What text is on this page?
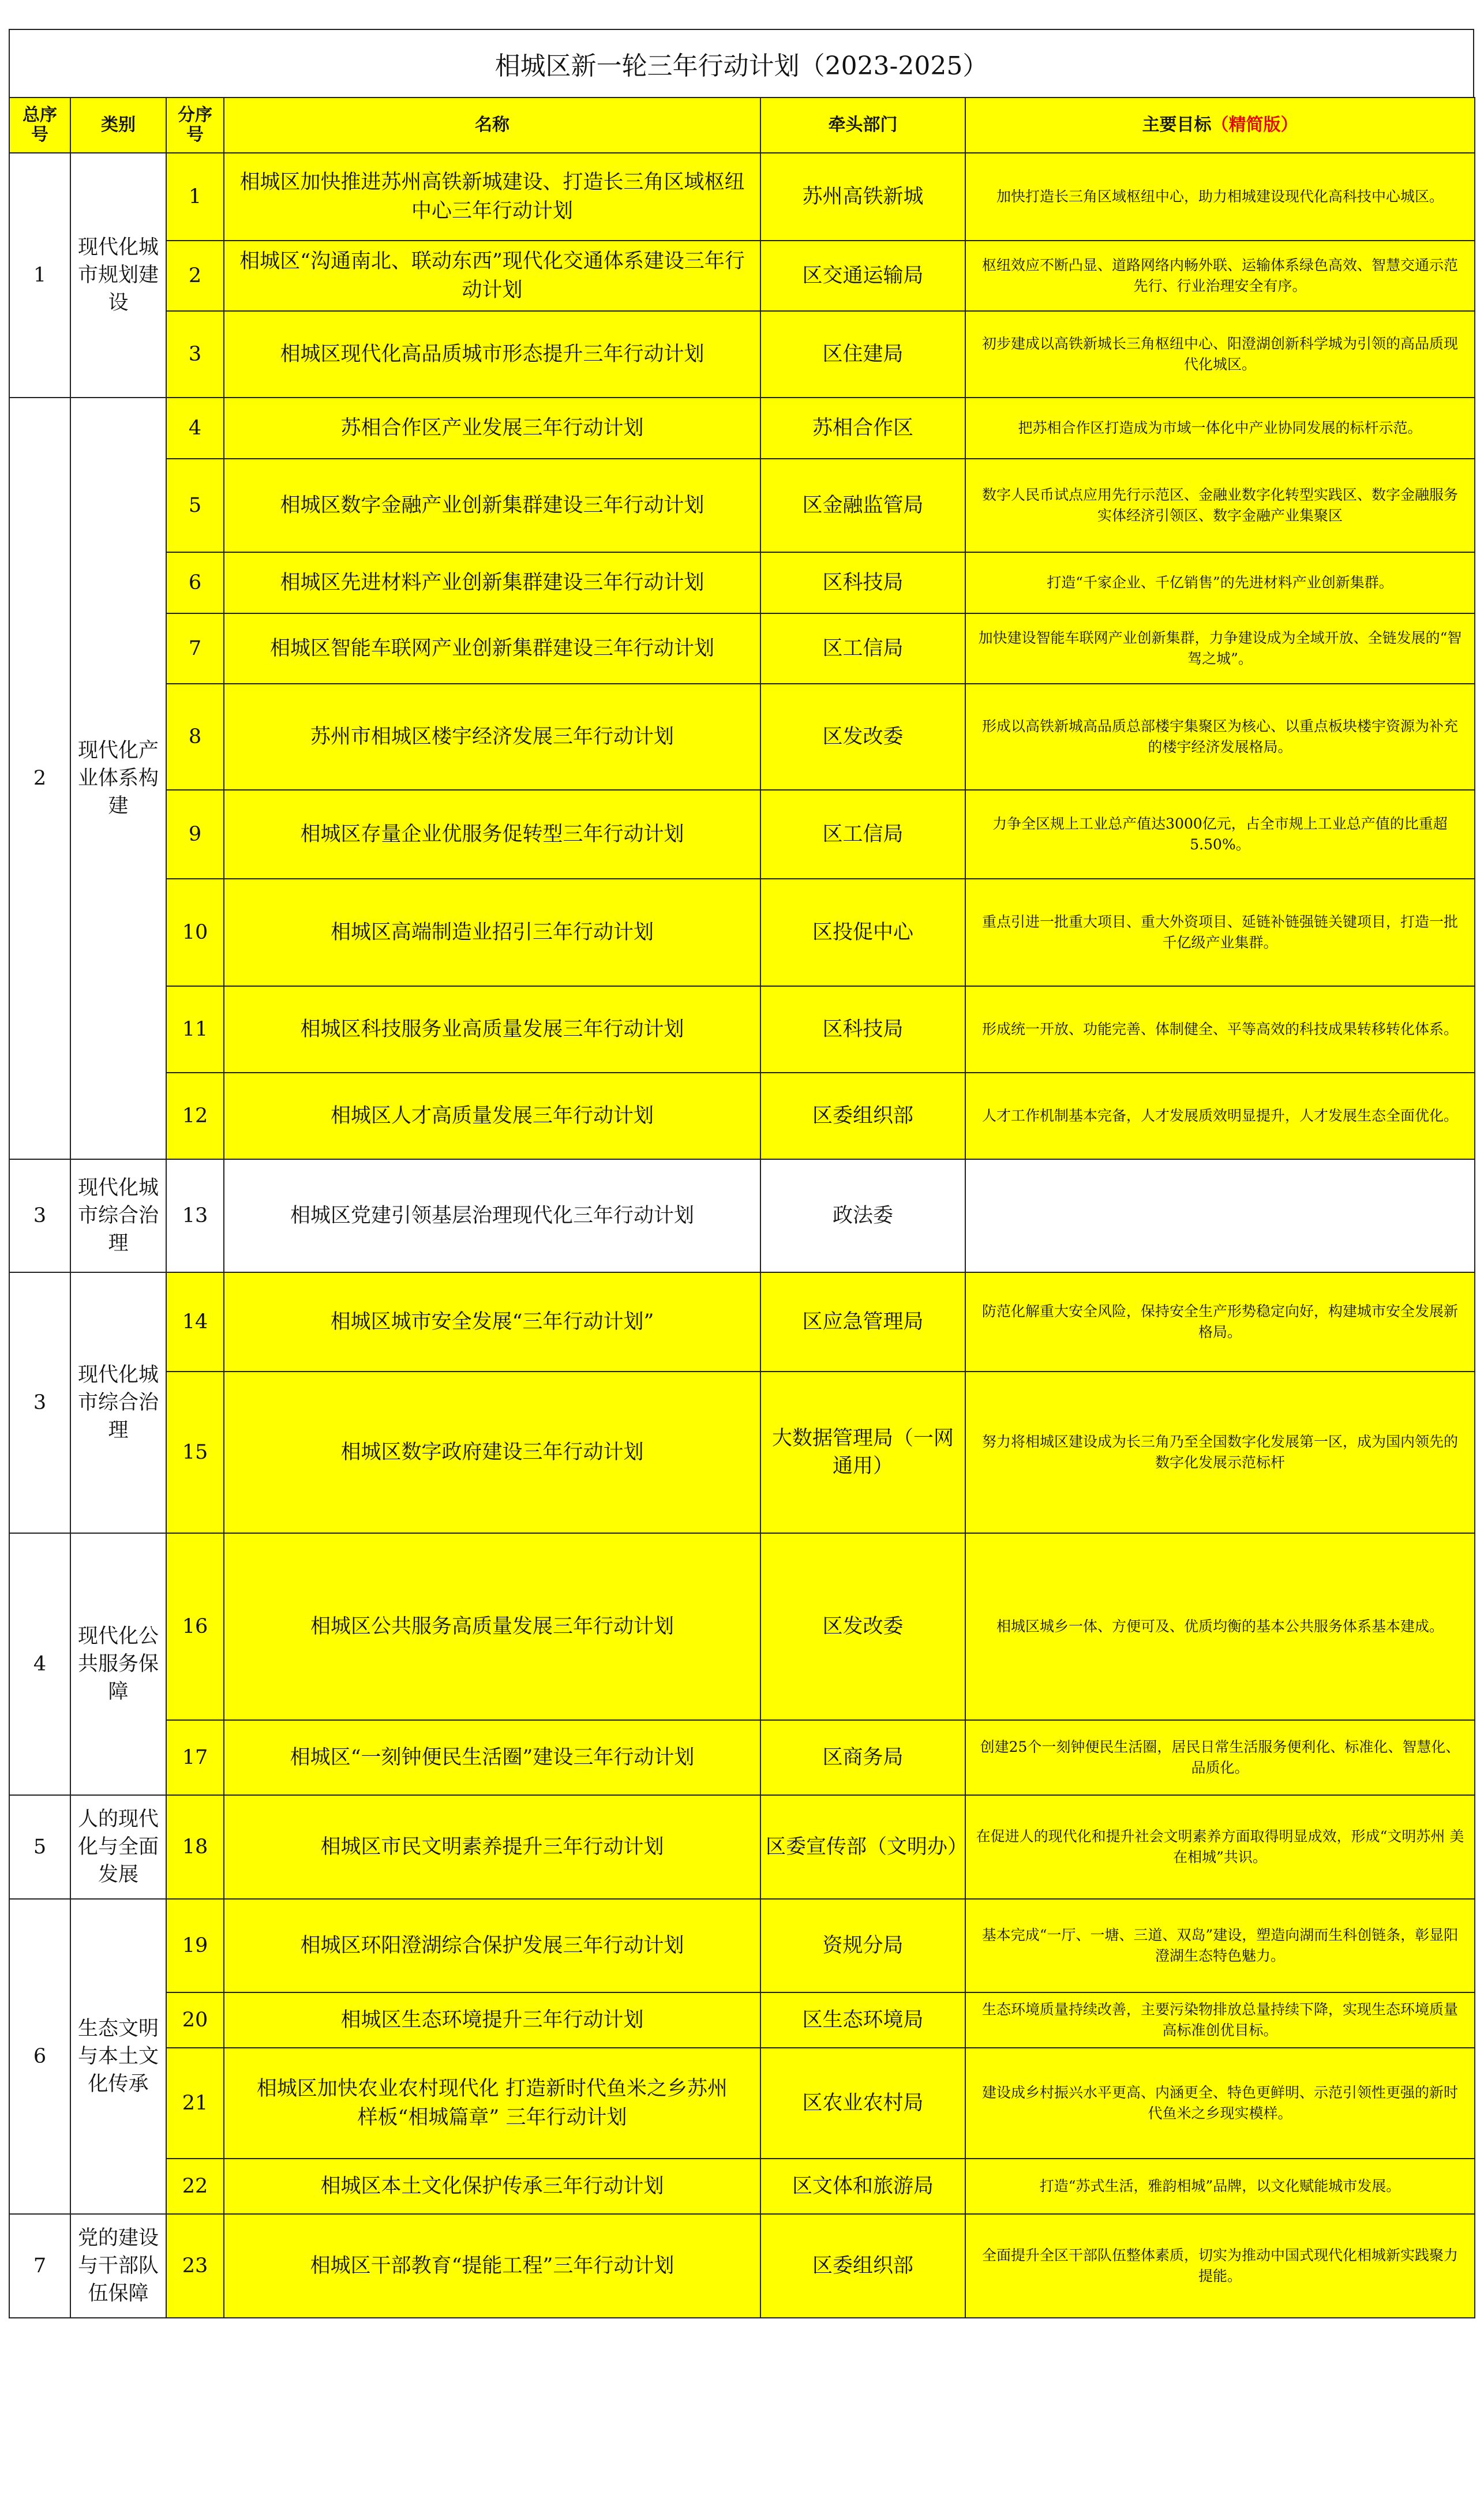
相城区新一轮三年行动计划（2023-2025）
总序号	类别	分序号	名称	牵头部门	主要目标（精简版）
1	现代化城市规划建设	1	相城区加快推进苏州高铁新城建设、打造长三角区域枢纽中心三年行动计划	苏州高铁新城	加快打造长三角区域枢纽中心，助力相城建设现代化高科技中心城区。
		2	相城区“沟通南北、联动东西”现代化交通体系建设三年行动计划	区交通运输局	枢纽效应不断凸显、道路网络内畅外联、运输体系绿色高效、智慧交通示范先行、行业治理安全有序。
		3	相城区现代化高品质城市形态提升三年行动计划	区住建局	初步建成以高铁新城长三角枢纽中心、阳澄湖创新科学城为引领的高品质现代化城区。
2	现代化产业体系构建	4	苏相合作区产业发展三年行动计划	苏相合作区	把苏相合作区打造成为市域一体化中产业协同发展的标杆示范。
		5	相城区数字金融产业创新集群建设三年行动计划	区金融监管局	数字人民币试点应用先行示范区、金融业数字化转型实践区、数字金融服务实体经济引领区、数字金融产业集聚区
		6	相城区先进材料产业创新集群建设三年行动计划	区科技局	打造“千家企业、千亿销售”的先进材料产业创新集群。
		7	相城区智能车联网产业创新集群建设三年行动计划	区工信局	加快建设智能车联网产业创新集群，力争建设成为全域开放、全链发展的“智驾之城”。
		8	苏州市相城区楼宇经济发展三年行动计划	区发改委	形成以高铁新城高品质总部楼宇集聚区为核心、以重点板块楼宇资源为补充的楼宇经济发展格局。
		9	相城区存量企业优服务促转型三年行动计划	区工信局	力争全区规上工业总产值达3000亿元，占全市规上工业总产值的比重超5.50%。
		10	相城区高端制造业招引三年行动计划	区投促中心	重点引进一批重大项目、重大外资项目、延链补链强链关键项目，打造一批千亿级产业集群。
		11	相城区科技服务业高质量发展三年行动计划	区科技局	形成统一开放、功能完善、体制健全、平等高效的科技成果转移转化体系。
		12	相城区人才高质量发展三年行动计划	区委组织部	人才工作机制基本完备，人才发展质效明显提升，人才发展生态全面优化。
3	现代化城市综合治理	13	相城区党建引领基层治理现代化三年行动计划	政法委	
3	现代化城市综合治理	14	相城区城市安全发展“三年行动计划”	区应急管理局	防范化解重大安全风险，保持安全生产形势稳定向好，构建城市安全发展新格局。
		15	相城区数字政府建设三年行动计划	大数据管理局（一网通用）	努力将相城区建设成为长三角乃至全国数字化发展第一区，成为国内领先的数字化发展示范标杆
4	现代化公共服务保障	16	相城区公共服务高质量发展三年行动计划	区发改委	相城区城乡一体、方便可及、优质均衡的基本公共服务体系基本建成。
		17	相城区“一刻钟便民生活圈”建设三年行动计划	区商务局	创建25个一刻钟便民生活圈，居民日常生活服务便利化、标准化、智慧化、品质化。
5	人的现代化与全面发展	18	相城区市民文明素养提升三年行动计划	区委宣传部（文明办）	在促进人的现代化和提升社会文明素养方面取得明显成效，形成“文明苏州 美在相城”共识。
6	生态文明与本土文化传承	19	相城区环阳澄湖综合保护发展三年行动计划	资规分局	基本完成“一厅、一塘、三道、双岛”建设，塑造向湖而生科创链条，彰显阳澄湖生态特色魅力。
		20	相城区生态环境提升三年行动计划	区生态环境局	生态环境质量持续改善，主要污染物排放总量持续下降，实现生态环境质量高标准创优目标。
		21	相城区加快农业农村现代化 打造新时代鱼米之乡苏州样板“相城篇章” 三年行动计划	区农业农村局	建设成乡村振兴水平更高、内涵更全、特色更鲜明、示范引领性更强的新时代鱼米之乡现实模样。
		22	相城区本土文化保护传承三年行动计划	区文体和旅游局	打造“苏式生活，雅韵相城”品牌，以文化赋能城市发展。
7	党的建设与干部队伍保障	23	相城区干部教育“提能工程”三年行动计划	区委组织部	全面提升全区干部队伍整体素质，切实为推动中国式现代化相城新实践聚力提能。
